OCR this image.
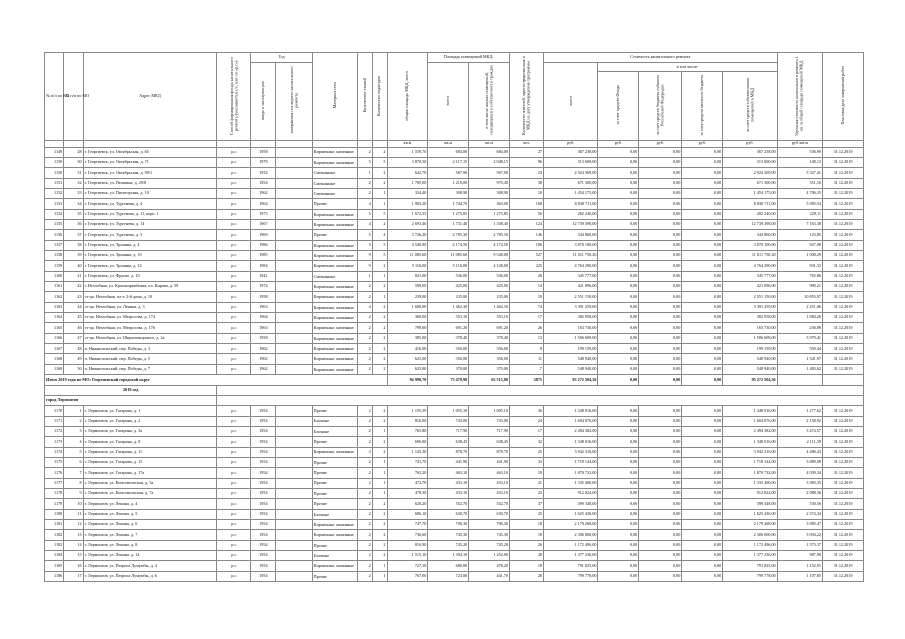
№ п/п по КП	№ п/п по МО	Адрес МКД	Способ формирования фонда капитального ремонта (указывается с/с, или по «р.с»)	Год		Материал стен	Количество этажей	Количество подъездов	общая площадь МКД, всего	Площадь помещений МКД:		Количество жителей, зарегистрированных в МКД на дату утверждения программы	Стоимость капитального ремонта					Удельная стоимость капитального ремонта 1 кв. м общей площади помещений МКД	Плановая дата завершения работ
				ввода в эксплуатацию	завершения последнего капитального ремонта					всего	в том числе жилых помещений, находящихся в собственности граждан		всего	в том числе:					
														за счет средств Фонда	за счет средств бюджета субъекта Российской Федерации	за счет средств местного бюджета	за счет средств собственников помещений в МКД		
									кв.м	кв.м	кв.м	чел.	руб.	руб.	руб.	руб.	руб.	руб./кв.м	
1149	28	г. Георгиевск, ул. Октябрьская, д. 65	р.с	1958		Кирпичные, каменные	2	2	1 559,70	684,00	684,00	27	367 238,00	0,00	0,00	0,00	367 238,00	536,90	31.12.2019
1150	30	г. Георгиевск, ул. Октябрьская, д. 71	р.с	1979		Кирпичные, каменные	5	5	3 870,50	2 117,15	2 048,15	96	313 600,00	0,00	0,00	0,00	313 600,00	148,13	31.12.2019
1150	31	г. Георгиевск, ул. Октябрьская, д. 99/1	р.с	1932		Смешанные	1	2	642,70	567,90	567,90	23	2 924 369,00	0,00	0,00	0,00	2 924 369,00	5 327,41	31.12.2019
1151	32	г. Георгиевск, ул. Пешкина, д. 29/8	р.с	1954		Смешанные	2	2	1 785,00	1 218,00	970,40	38	671 300,00	0,00	0,00	0,00	671 300,00	551,16	31.12.2019
1152	33	г. Георгиевск, ул. Пятигорская, д. 10	р.с	1962		Смешанные	2	1	334,40	308,90	308,90	10	1 454 175,00	0,00	0,00	0,00	1 454 175,00	4 706,35	31.12.2019
1153	34	г. Георгиевск, ул. Тургенева, д. 4	р.с	1964		Прочие	4	1	1 983,20	1 744,70	363,00	168	8 830 711,00	0,00	0,00	0,00	8 830 711,00	5 085,54	31.12.2019
1154	35	г. Георгиевск, ул. Тургенева, д. 11, корп. 1	р.с	1973		Кирпичные, каменные	5	5	1 672,35	1 275,85	1 275,85	56	282 240,00	0,00	0,00	0,00	282 240,00	229,11	31.12.2019
1155	36	г. Георгиевск, ул. Тургенева, д. 14	р.с	1967		Кирпичные, каменные	4	2	2 693,40	1 731,40	1 338,40	124	12 739 398,00	0,00	0,00	0,00	12 739 398,00	7 163,38	31.12.2019
1156	37	г. Георгиевск, ул. Тургенева, д. 3	р.с	1969		Прочие	5	4	3 726,20	2 785,30	2 785,30	146	344 860,00	0,00	0,00	0,00	344 860,00	123,85	31.12.2019
1157	38	г. Георгиевск, ул. Тронина, д. 4	р.с	1986		Кирпичные, каменные	5	5	4 540,90	4 174,50	4 174,50	180	3 870 100,00	0,00	0,00	0,00	3 870 100,00	927,08	31.12.2019
1158	39	г. Георгиевск, ул. Тронина, д. 10	р.с	1985		Кирпичные, каменные	9	5	11 085,60	11 085,60	9 548,00	527	11 011 750,20	0,00	0,00	0,00	11 011 750,20	1 008,29	31.12.2019
1159	40	г. Георгиевск, ул. Тронина, д. 12	р.с	1984		Кирпичные, каменные	9	2	5 116,00	5 116,00	4 128,00	225	4 764 290,00	0,00	0,00	0,00	4 764 290,00	931,33	31.12.2019
1160	41	г. Георгиевск, ул. Фрунзе, д. 10	р.с	1941		Смешанные	1	1	841,00	536,00	536,00	26	345 777,00	0,00	0,00	0,00	345 777,00	765,86	31.12.2019
1161	42	г. Незлобная, ул. Красноармейская, пл. Кирова, д. 59	р.с	1974		Кирпичные, каменные	2	2	599,00	425,00	425,00	14	421 096,00	0,00	0,00	0,00	421 096,00	990,21	31.12.2019
1162	43	ст-ца. Незлобная, пл-т. 2-й дома, д. 10	р.с	1958		Кирпичные, каменные	2	1	239,00	235,00	235,00	19	2 551 150,00	0,00	0,00	0,00	2 551 150,00	10 855,97	31.12.2019
1163	44	ст-ца. Незлобная, ул. Ленина, д. 3	р.с	1963		Кирпичные, каменные	4	2	1 600,00	1 462,30	1 462,30	74	3 391 259,00	0,00	0,00	0,00	3 391 259,00	2 251,06	31.12.2019
1164	45	ст-ца. Незлобная, ул. Матросова, д. 174	р.с	1964		Кирпичные, каменные	2	2	360,00	353,10	353,10	17	382 958,00	0,00	0,00	0,00	382 958,00	1 084,26	31.12.2019
1165	46	ст-ца. Незлобная, ул. Матросова, д. 176	р.с	1963		Кирпичные, каменные	2	2	799,00	691,20	691,20	26	163 730,00	0,00	0,00	0,00	163 730,00	236,88	31.12.2019
1166	47	ст-ца. Незлобная, ул. Шириломорского, д. 2а	р.с	1958		Кирпичные, каменные	2	2	385,00	378,40	378,40	13	1 506 609,00	0,00	0,00	0,00	1 506 609,00	3 979,41	31.12.2019
1167	48	п. Нижнезольский, пер. Победы, д. 3	р.с	1962		Кирпичные, каменные	2	2	416,00	356,00	356,00	8	199 159,00	0,00	0,00	0,00	199 159,00	559,44	31.12.2019
1168	49	п. Нижнезольский, пер. Победы, д. 5	р.с	1962		Кирпичные, каменные	2	2	625,00	356,00	356,00	11	548 940,00	0,00	0,00	0,00	548 940,00	1 541,97	31.12.2019
1169	50	п. Нижнезольский, пер. Победы, д. 7	р.с	1962		Кирпичные, каменные	2	2	625,00	370,00	370,00	7	548 940,00	0,00	0,00	0,00	548 940,00	1 483,62	31.12.2019
Итого 2019 года по МО: Георгиевский городской округ									94 990,70	73 478,90	65 515,80	3875	95 272 504,36	0,00	0,00	0,00	95 272 504,36		
2019 год																			
город Лермонтов																			
1170	1	г. Лермонтов, ул. Гагарина, д. 1	р.с	1954		Прочие	2	2	1 155,39	1 055,10	1 005,10	36	1 348 016,00	0,00	0,00	0,00	1 348 016,00	1 277,62	31.12.2019
1171	2	г. Лермонтов, ул. Гагарина, д. 2	р.с	1954		Блочные	2	2	816,00	743,00	743,00	24	1 604 076,00	0,00	0,00	0,00	1 604 076,00	2 158,92	31.12.2019
1172	3	г. Лермонтов, ул. Гагарина, д. 3а	р.с	1954		Блочные	2	1	765,80	717,90	717,90	17	2 494 382,00	0,00	0,00	0,00	2 494 382,00	3 474,57	31.12.2019
1173	4	г. Лермонтов, ул. Гагарина, д. 9	р.с	1954		Прочие	2	2	696,00	638,45	638,45	32	1 348 016,00	0,00	0,00	0,00	1 348 016,00	2 111,39	31.12.2019
1174	5	г. Лермонтов, ул. Гагарина, д. 11	р.с	1954		Кирпичные, каменные	3	2	1 145,30	878,70	878,70	25	3 942 316,00	0,00	0,00	0,00	3 942 316,00	4 486,43	31.12.2019
1175	6	г. Лермонтов, ул. Гагарина, д. 15	р.с	1954		Прочие	2	1	741,70	441,90	441,90	33	1 718 144,00	0,00	0,00	0,00	1 718 144,00	3 889,99	31.12.2019
1176	7	г. Лермонтов, ул. Гагарина, д. 17а	р.с	1954		Прочие	2	1	763,20	463,10	463,10	19	1 870 732,00	0,00	0,00	0,00	1 870 732,00	4 039,34	31.12.2019
1177	8	г. Лермонтов, ул. Комсомольская, д. 3а	р.с	1954		Прочие	2	1	472,70	433,10	433,10	21	1 335 400,00	0,00	0,00	0,00	1 335 400,00	3 083,35	31.12.2019
1178	9	г. Лермонтов, ул. Комсомольская, д. 7а	р.с	1954		Прочие	2	1	478,30	433,10	433,10	23	912 824,00	0,00	0,00	0,00	912 824,00	2 088,36	31.12.2019
1179	10	г. Лермонтов, ул. Ленина, д. 4	р.с	1954		Прочие	2	2	620,20	552,70	552,70	37	399 348,00	0,00	0,00	0,00	399 348,00	530,56	31.12.2019
1180	11	г. Лермонтов, ул. Ленина, д. 5	р.с	1954		Блочные	2	2	686,10	630,70	630,70	25	1 625 436,00	0,00	0,00	0,00	1 625 436,00	2 574,34	31.12.2019
1181	12	г. Лермонтов, ул. Ленина, д. 6	р.с	1954		Кирпичные, каменные	2	2	747,70	706,30	706,30	18	2 179 268,00	0,00	0,00	0,00	2 179 268,00	3 085,47	31.12.2019
1182	13	г. Лермонтов, ул. Ленина, д. 7	р.с	1954		Кирпичные, каменные	2	2	736,60	745,30	745,30	18	2 306 000,00	0,00	0,00	0,00	2 306 000,00	3 094,22	31.12.2019
1183	14	г. Лермонтов, ул. Ленина, д. 8	р.с	1954		Прочие	2	2	816,90	745,20	745,20	26	1 172 496,00	0,00	0,00	0,00	1 172 496,00	1 573,37	31.12.2019
1184	15	г. Лермонтов, ул. Ленина, д. 14	р.с	1954		Блочные	2	2	1 515,10	1 394,10	1 252,00	28	1 377 236,00	0,00	0,00	0,00	1 377 236,00	987,90	31.12.2019
1185	16	г. Лермонтов, ул. Патриса Лумумбы, д. 4	р.с	1954		Кирпичные, каменные	2	1	727,10	686,80	478,20	18	791 825,00	0,00	0,00	0,00	791 825,00	1 152,91	31.12.2019
1186	17	г. Лермонтов, ул. Патриса Лумумбы, д. 6	р.с	1954		Прочие	2	1	767,00	723,00	441,70	28	799 778,00	0,00	0,00	0,00	799 778,00	1 107,85	31.12.2019
